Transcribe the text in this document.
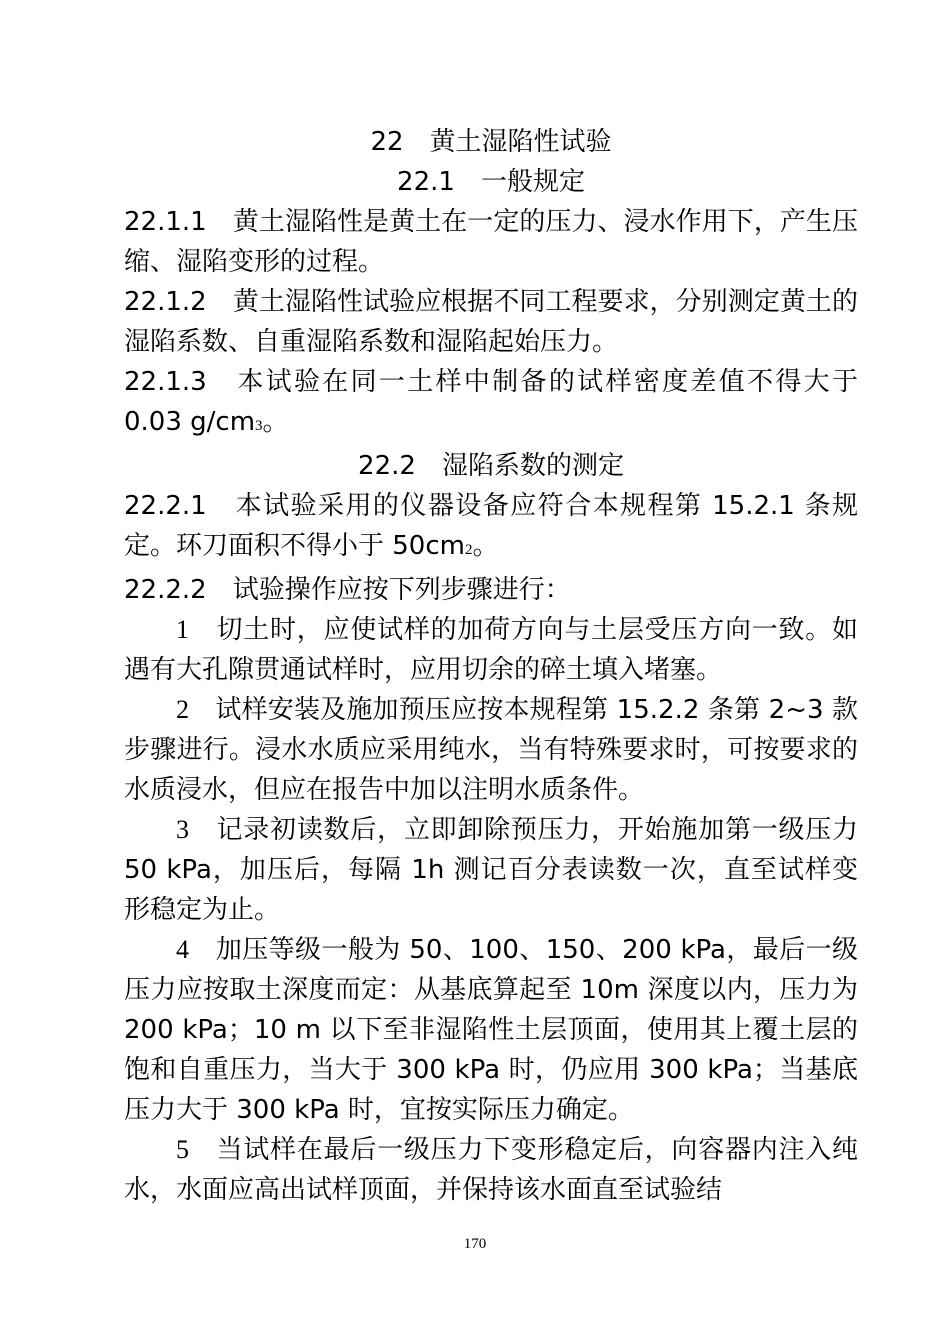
22　黄土湿陷性试验
22.1　一般规定

22.1.1　黄土湿陷性是黄土在一定的压力、浸水作用下，产生压缩、湿陷变形的过程。

22.1.2　黄土湿陷性试验应根据不同工程要求，分别测定黄土的湿陷系数、自重湿陷系数和湿陷起始压力。

22.1.3　本试验在同一土样中制备的试样密度差值不得大于 0.03 g/cm3。

22.2　湿陷系数的测定

22.2.1　本试验采用的仪器设备应符合本规程第 15.2.1 条规定。环刀面积不得小于 50cm2。

22.2.2　试验操作应按下列步骤进行：

1　切土时，应使试样的加荷方向与土层受压方向一致。如遇有大孔隙贯通试样时，应用切余的碎土填入堵塞。

2　试样安装及施加预压应按本规程第 15.2.2 条第 2~3 款步骤进行。浸水水质应采用纯水，当有特殊要求时，可按要求的水质浸水，但应在报告中加以注明水质条件。

3　记录初读数后，立即卸除预压力，开始施加第一级压力 50 kPa，加压后，每隔 1h 测记百分表读数一次，直至试样变形稳定为止。

4　加压等级一般为 50、100、150、200 kPa，最后一级压力应按取土深度而定：从基底算起至 10m 深度以内，压力为 200 kPa；10 m 以下至非湿陷性土层顶面，使用其上覆土层的饱和自重压力，当大于 300 kPa 时，仍应用 300 kPa；当基底压力大于 300 kPa 时，宜按实际压力确定。

5　当试样在最后一级压力下变形稳定后，向容器内注入纯水，水面应高出试样顶面，并保持该水面直至试验结

170
